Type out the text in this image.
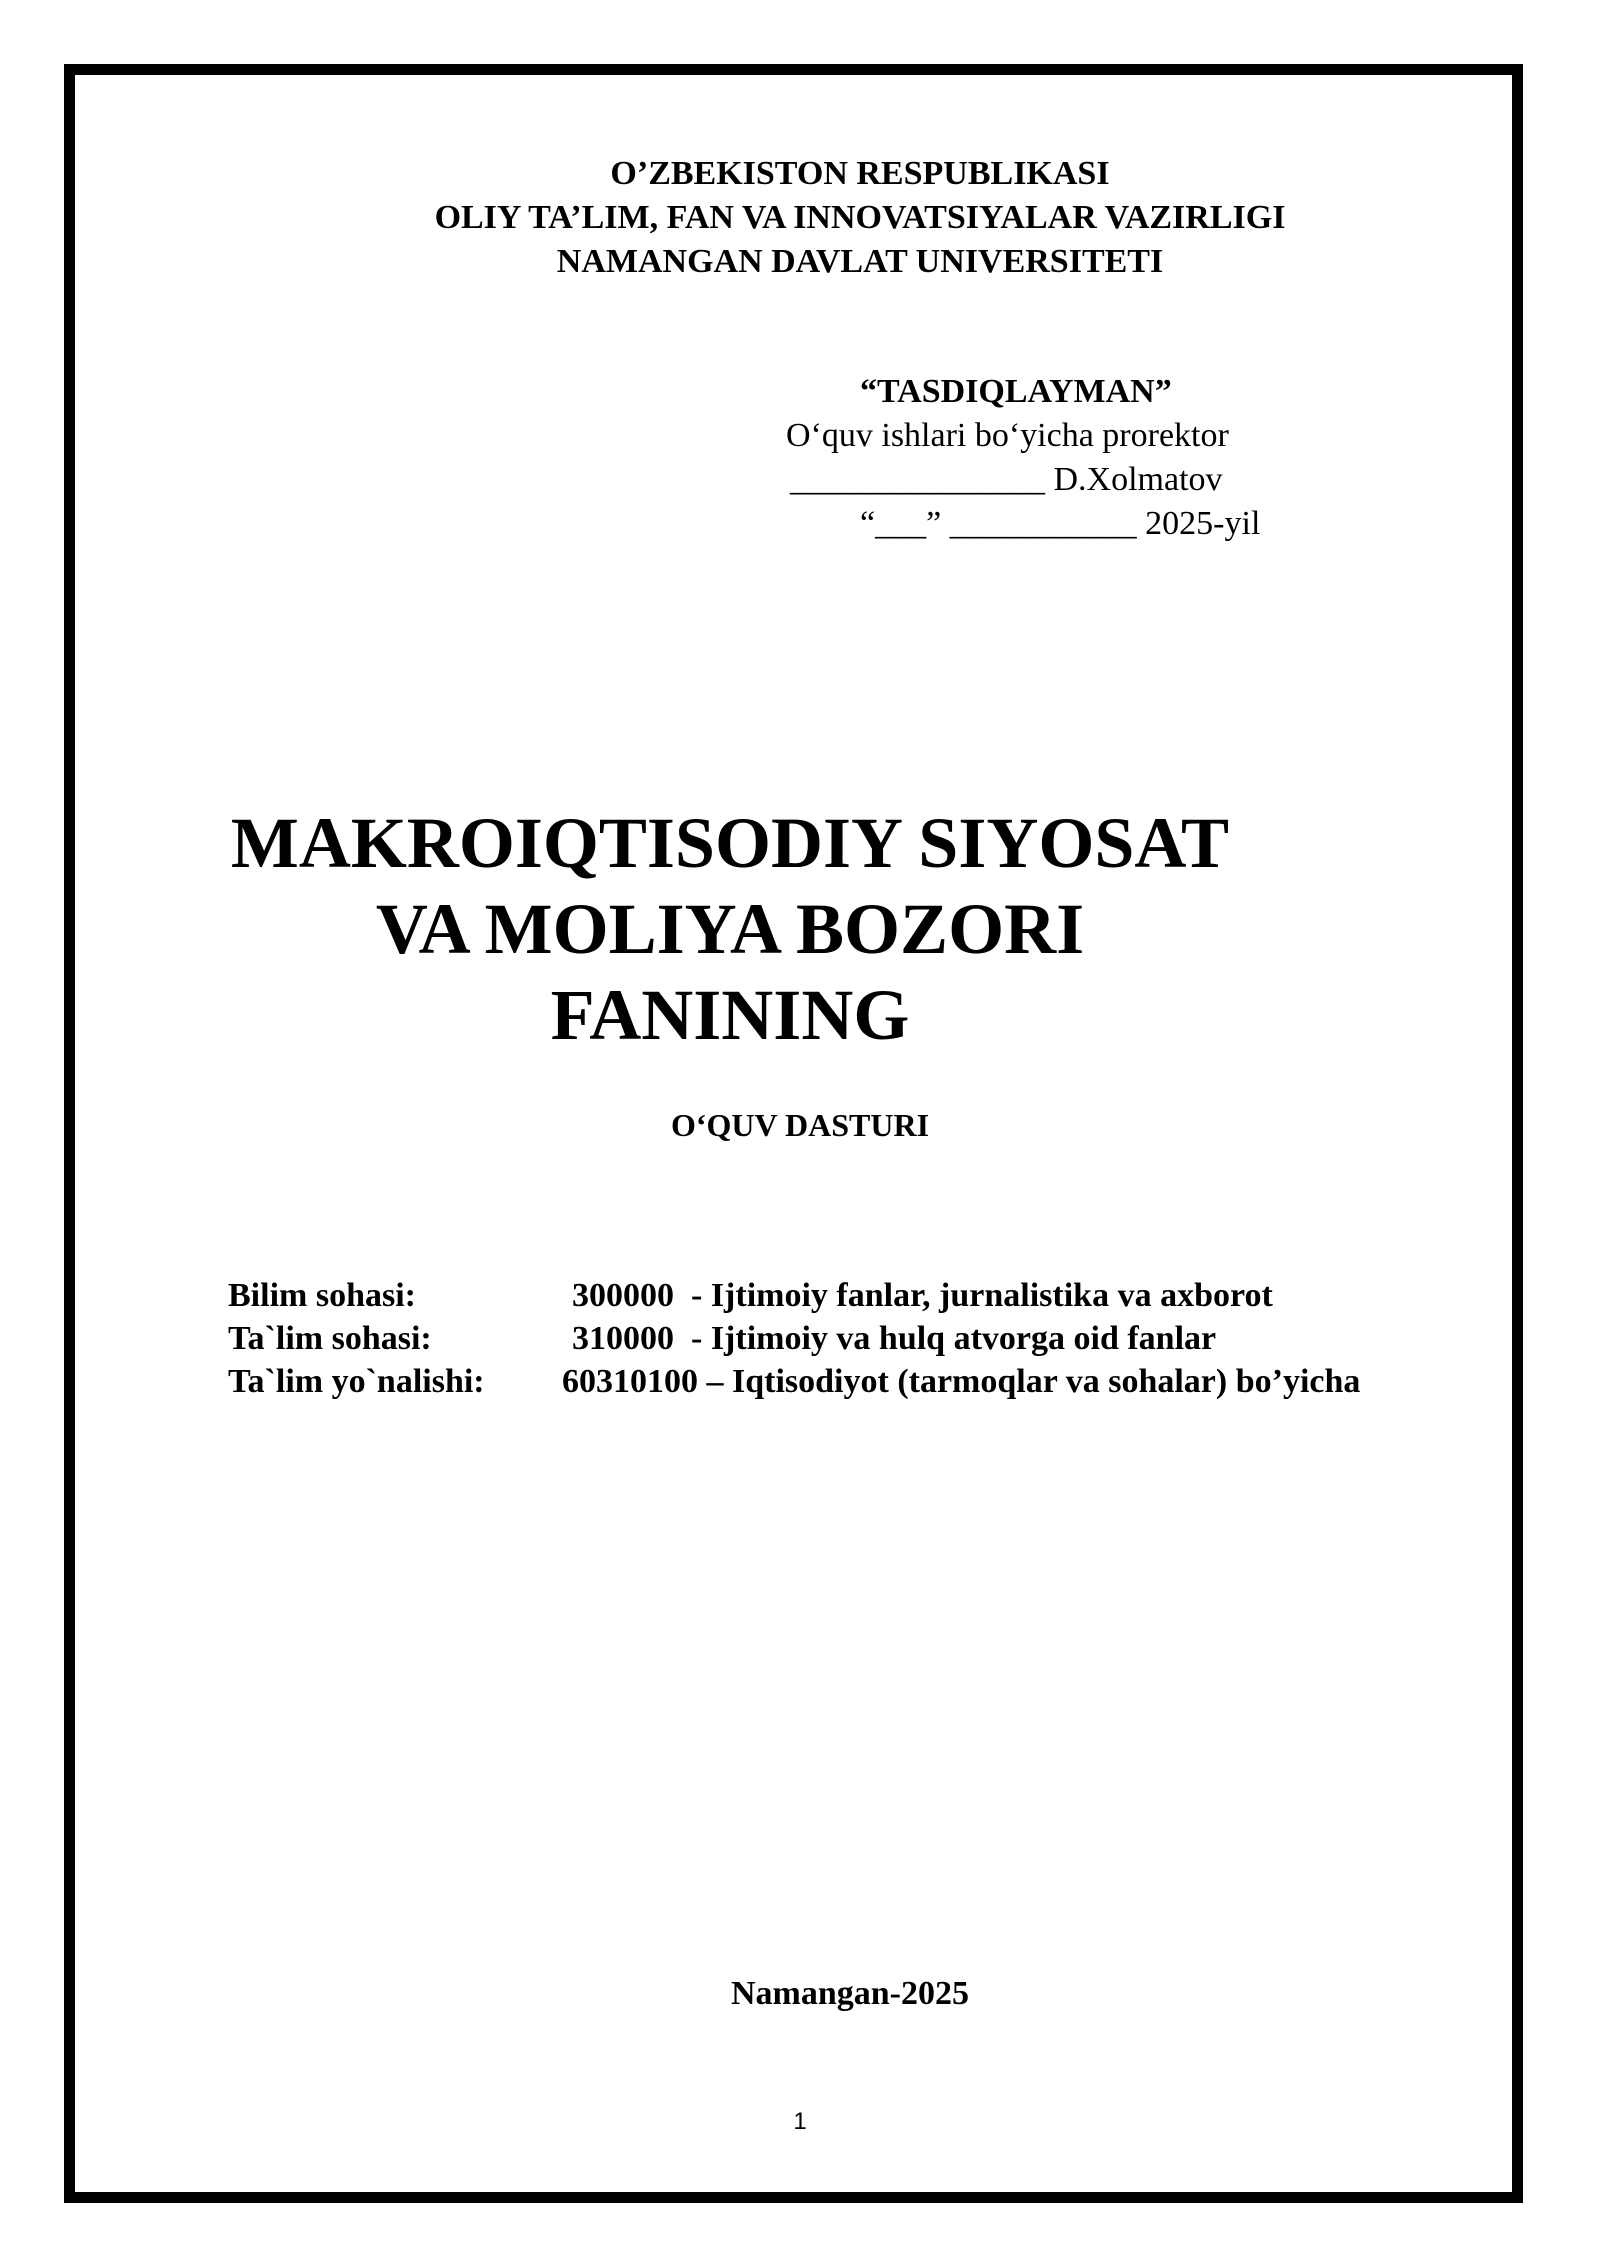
O’ZBEKISTON RESPUBLIKASI
OLIY TA’LIM, FAN VA INNOVATSIYALAR VAZIRLIGI
NAMANGAN DAVLAT UNIVERSITETI
“TASDIQLAYMAN”
O‘quv ishlari bo‘yicha prorektor
_______________ D.Xolmatov
“___” ___________ 2025-yil
MAKROIQTISODIY SIYOSAT
VA MOLIYA BOZORI
FANINING
O‘QUV DASTURI
Bilim sohasi:	300000  - Ijtimoiy fanlar, jurnalistika va axborot
Ta`lim sohasi:	310000  - Ijtimoiy va hulq atvorga oid fanlar
Ta`lim yo`nalishi:	60310100 – Iqtisodiyot (tarmoqlar va sohalar) bo’yicha
Namangan-2025
1
